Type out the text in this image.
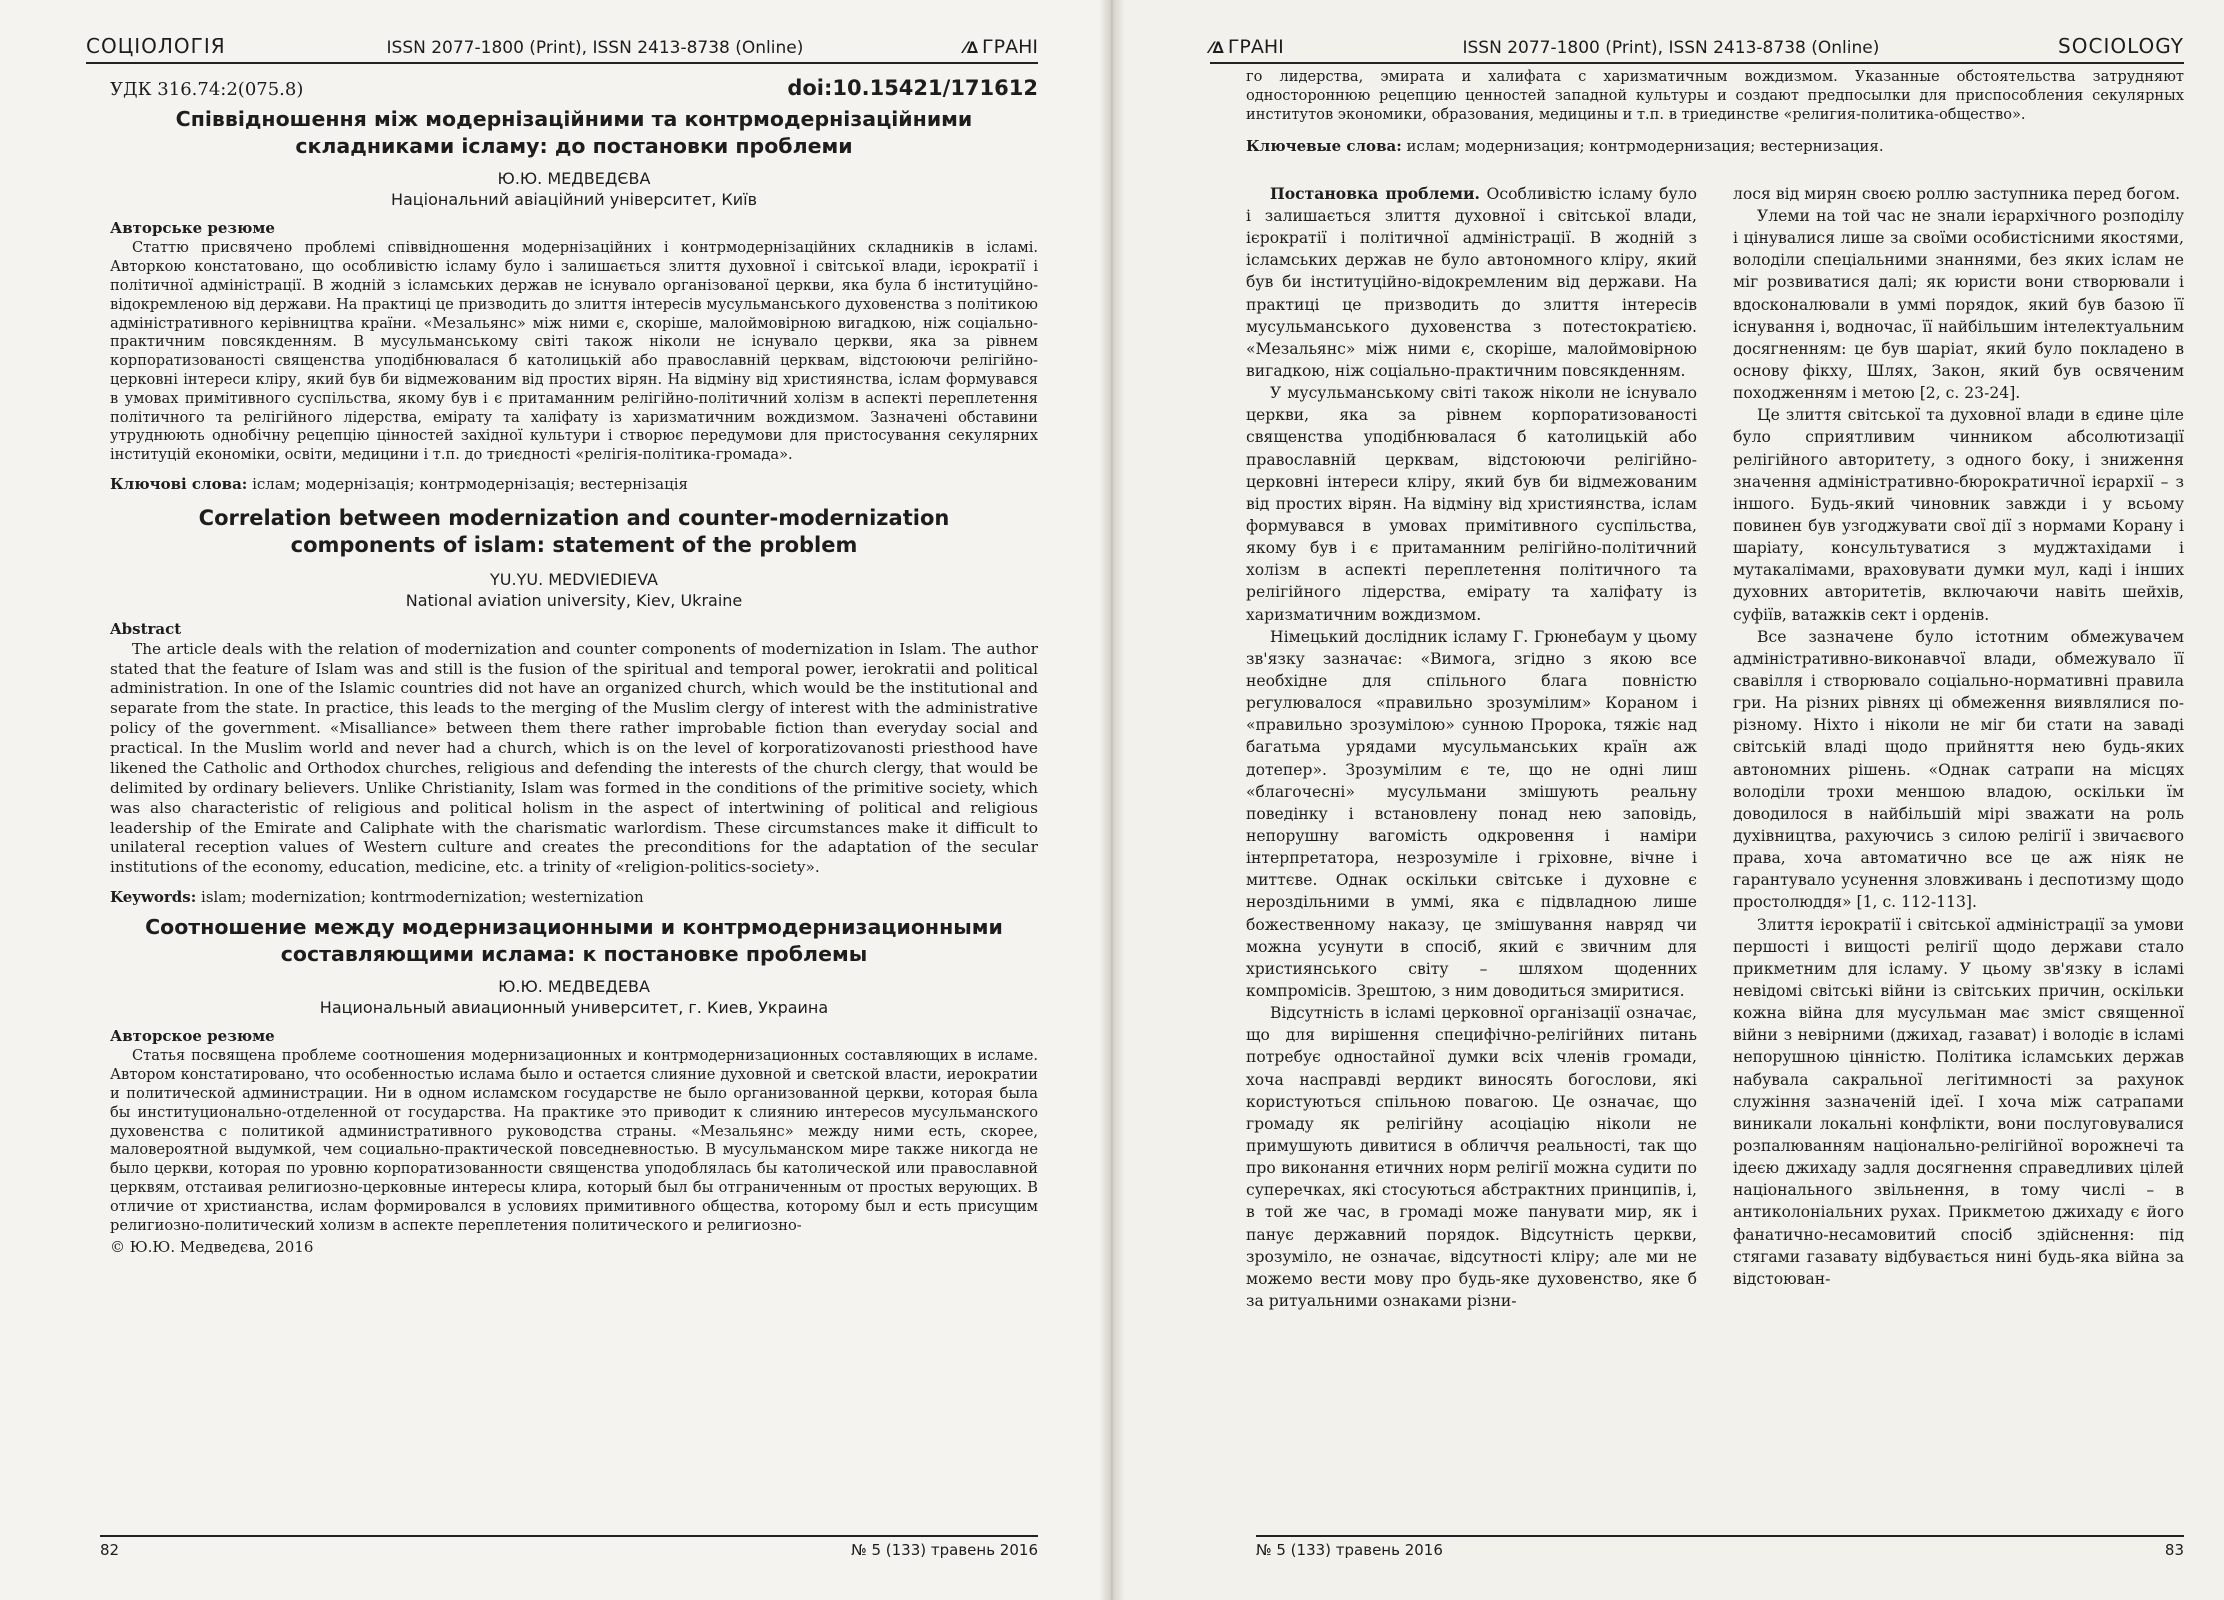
СОЦІОЛОГІЯ	ISSN 2077-1800 (Print), ISSN 2413-8738 (Online)	⁄∆ ГРАНІ
УДК 316.74:2(075.8)	doi:10.15421/171612
Співвідношення між модернізаційними та контрмодернізаційними складниками ісламу: до постановки проблеми
Ю.Ю. МЕДВЕДЄВА
Національний авіаційний університет, Київ
Авторське резюме
Статтю присвячено проблемі співвідношення модернізаційних і контрмодернізаційних складників в ісламі. Авторкою констатовано, що особливістю ісламу було і залишається злиття духовної і світської влади, ієрократії і політичної адміністрації. В жодній з ісламських держав не існувало організованої церкви, яка була б інституційно-відокремленою від держави. На практиці це призводить до злиття інтересів мусульманського духовенства з політикою адміністративного керівництва країни. «Мезальянс» між ними є, скоріше, малоймовірною вигадкою, ніж соціально-практичним повсякденням. В мусульманському світі також ніколи не існувало церкви, яка за рівнем корпоратизованості священства уподібнювалася б католицькій або православній церквам, відстоюючи релігійно-церковні інтереси кліру, який був би відмежованим від простих вірян. На відміну від християнства, іслам формувався в умовах примітивного суспільства, якому був і є притаманним релігійно-політичний холізм в аспекті переплетення політичного та релігійного лідерства, еміратy та халіфату із харизматичним вождизмом. Зазначені обставини утруднюють однобічну рецепцію цінностей західної культури і створює передумови для пристосування секулярних інституцій економіки, освіти, медицини і т.п. до триєдності «релігія-політика-громада».
Ключові слова: іслам; модернізація; контрмодернізація; вестернізація
Correlation between modernization and counter-modernization components of islam: statement of the problem
YU.YU. MEDVIEDIEVA
National aviation university, Kiev, Ukraine
Abstract
The article deals with the relation of modernization and counter components of modernization in Islam. The author stated that the feature of Islam was and still is the fusion of the spiritual and temporal power, ierokratii and political administration. In one of the Islamic countries did not have an organized church, which would be the institutional and separate from the state. In practice, this leads to the merging of the Muslim clergy of interest with the administrative policy of the government. «Misalliance» between them there rather improbable fiction than everyday social and practical. In the Muslim world and never had a church, which is on the level of korporatizovanosti priesthood have likened the Catholic and Orthodox churches, religious and defending the interests of the church clergy, that would be delimited by ordinary believers. Unlike Christianity, Islam was formed in the conditions of the primitive society, which was also characteristic of religious and political holism in the aspect of intertwining of political and religious leadership of the Emirate and Caliphate with the charismatic warlordism. These circumstances make it difficult to unilateral reception values of Western culture and creates the preconditions for the adaptation of the secular institutions of the economy, education, medicine, etc. a trinity of «religion-politics-society».
Keywords: islam; modernization; kontrmodernization; westernization
Соотношение между модернизационными и контрмодернизационными составляющими ислама: к постановке проблемы
Ю.Ю. МЕДВЕДЕВА
Национальный авиационный университет, г. Киев, Украина
Авторское резюме
Статья посвящена проблеме соотношения модернизационных и контрмодернизационных составляющих в исламе. Автором констатировано, что особенностью ислама было и остается слияние духовной и светской власти, иерократии и политической администрации. Ни в одном исламском государстве не было организованной церкви, которая была бы институционально-отделенной от государства. На практике это приводит к слиянию интересов мусульманского духовенства с политикой административного руководства страны. «Мезальянс» между ними есть, скорее, маловероятной выдумкой, чем социально-практической повседневностью. В мусульманском мире также никогда не было церкви, которая по уровню корпоратизованности священства уподоблялась бы католической или православной церквям, отстаивая религиозно-церковные интересы клира, который был бы отграниченным от простых верующих. В отличие от христианства, ислам формировался в условиях примитивного общества, которому был и есть присущим религиозно-политический холизм в аспекте переплетения политического и религиозно-
© Ю.Ю. Медведєва, 2016
82	№ 5 (133) травень 2016
⁄∆ ГРАНІ	ISSN 2077-1800 (Print), ISSN 2413-8738 (Online)	SOCIOLOGY
го лидерства, эмирата и халифата с харизматичным вождизмом. Указанные обстоятельства затрудняют одностороннюю рецепцию ценностей западной культуры и создают предпосылки для приспособления секулярных институтов экономики, образования, медицины и т.п. в триединстве «религия-политика-общество».
Ключевые слова: ислам; модернизация; контрмодернизация; вестернизация.

Постановка проблеми. Особливістю ісламу було і залишається злиття духовної і світської влади, ієрократії і політичної адміністрації. В жодній з ісламських держав не було автономного кліру, який був би інституційно-відокремленим від держави. На практиці це призводить до злиття інтересів мусульманського духовенства з потестократією. «Мезальянс» між ними є, скоріше, малоймовірною вигадкою, ніж соціально-практичним повсякденням.

У мусульманському світі також ніколи не існувало церкви, яка за рівнем корпоратизованості священства уподібнювалася б католицькій або православній церквам, відстоюючи релігійно-церковні інтереси кліру, який був би відмежованим від простих вірян. На відміну від християнства, іслам формувався в умовах примітивного суспільства, якому був і є притаманним релігійно-політичний холізм в аспекті переплетення політичного та релігійного лідерства, емірату та халіфату із харизматичним вождизмом.

Німецький дослідник ісламу Г. Грюнебаум у цьому зв'язку зазначає: «Вимога, згідно з якою все необхідне для спільного блага повністю регулювалося «правильно зрозумілим» Кораном і «правильно зрозумілою» сунною Пророка, тяжіє над багатьма урядами мусульманських країн аж дотепер». Зрозумілим є те, що не одні лиш «благочесні» мусульмани змішують реальну поведінку і встановлену понад нею заповідь, непорушну вагомість одкровення і наміри інтерпретатора, незрозуміле і гріховне, вічне і миттєве. Однак оскільки світське і духовне є нероздільними в уммі, яка є підвладною лише божественному наказу, це змішування навряд чи можна усунути в спосіб, який є звичним для християнського світу – шляхом щоденних компромісів. Зрештою, з ним доводиться змиритися.

Відсутність в ісламі церковної організації означає, що для вирішення специфічно-релігійних питань потребує одностайної думки всіх членів громади, хоча насправді вердикт виносять богослови, які користуються спільною повагою. Це означає, що громаду як релігійну асоціацію ніколи не примушують дивитися в обличчя реальності, так що про виконання етичних норм релігії можна судити по суперечках, які стосуються абстрактних принципів, і, в той же час, в громаді може панувати мир, як і панує державний порядок. Відсутність церкви, зрозуміло, не означає, відсутності кліру; але ми не можемо вести мову про будь-яке духовенство, яке б за ритуальними ознаками різни-

лося від мирян своєю роллю заступника перед богом.

Улеми на той час не знали ієрархічного розподілу і цінувалися лише за своїми особистісними якостями, володіли спеціальними знаннями, без яких іслам не міг розвиватися далі; як юристи вони створювали і вдосконалювали в уммі порядок, який був базою її існування і, водночас, її найбільшим інтелектуальним досягненням: це був шаріат, який було покладено в основу фікху, Шлях, Закон, який був освяченим походженням і метою [2, с. 23-24].

Це злиття світської та духовної влади в єдине ціле було сприятливим чинником абсолютизації релігійного авторитету, з одного боку, і зниження значення адміністративно-бюрократичної ієрархії – з іншого. Будь-який чиновник завжди і у всьому повинен був узгоджувати свої дії з нормами Корану і шаріату, консультуватися з муджтахідами і мутакалімами, враховувати думки мул, каді і інших духовних авторитетів, включаючи навіть шейхів, суфіїв, ватажків сект і орденів.

Все зазначене було істотним обмежувачем адміністративно-виконавчої влади, обмежувало її свавілля і створювало соціально-нормативні правила гри. На різних рівнях ці обмеження виявлялися по-різному. Ніхто і ніколи не міг би стати на заваді світській владі щодо прийняття нею будь-яких автономних рішень. «Однак сатрапи на місцях володіли трохи меншою владою, оскільки їм доводилося в найбільшій мірі зважати на роль духівництва, рахуючись з силою релігії і звичаєвого права, хоча автоматично все це аж ніяк не гарантувало усунення зловживань і деспотизму щодо простолюддя» [1, с. 112-113].

Злиття ієрократії і світської адміністрації за умови першості і вищості релігії щодо держави стало прикметним для ісламу. У цьому зв'язку в ісламі невідомі світські війни із світських причин, оскільки кожна війна для мусульман має зміст священної війни з невірними (джихад, газават) і володіє в ісламі непорушною цінністю. Політика ісламських держав набувала сакральної легітимності за рахунок служіння зазначеній ідеї. І хоча між сатрапами виникали локальні конфлікти, вони послуговувалися розпалюванням національно-релігійної ворожнечі та ідеєю джихаду задля досягнення справедливих цілей національного звільнення, в тому числі – в антиколоніальних рухах. Прикметою джихаду є його фанатично-несамовитий спосіб здійснення: під стягами газавату відбувається нині будь-яка війна за відстоюван-

№ 5 (133) травень 2016	83
